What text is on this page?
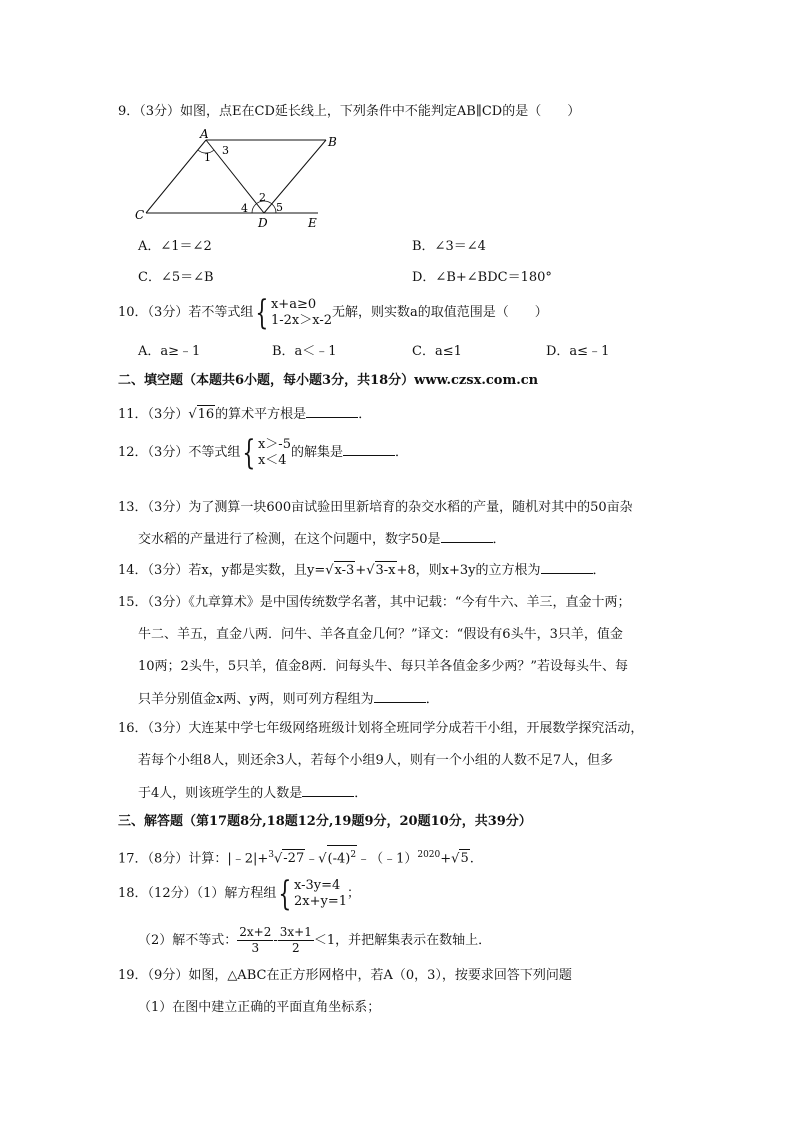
9．（3分）如图，点E在CD延长线上，下列条件中不能判定AB∥CD的是（　　）
A
B
C
D	E
1
3
2
4	5
A．∠1＝∠2	B．∠3＝∠4
C．∠5＝∠B	D．∠B+∠BDC＝180°
10．（3分）若不等式组{ x+a≥0
1-2x＞x-2 无解，则实数a的取值范围是（　　）
A．a≥﹣1	B．a＜﹣1	C．a≤1	D．a≤﹣1
二、填空题（本题共6小题，每小题3分，共18分）www.czsx.com.cn
11．（3分）√16的算术平方根是	．
12．（3分）不等式组{ x＞-5
x＜4 的解集是	．
13．（3分）为了测算一块600亩试验田里新培育的杂交水稻的产量，随机对其中的50亩杂
交水稻的产量进行了检测，在这个问题中，数字50是	．
14．（3分）若x，y都是实数，且y=√x-3+√3-x+8，则x+3y的立方根为	．
15．（3分）《九章算术》是中国传统数学名著，其中记载：“今有牛六、羊三，直金十两；
牛二、羊五，直金八两．问牛、羊各直金几何？”译文：“假设有6头牛，3只羊，值金
10两；2头牛，5只羊，值金8两．问每头牛、每只羊各值金多少两？”若设每头牛、每
只羊分别值金x两、y两，则可列方程组为	．
16．（3分）大连某中学七年级网络班级计划将全班同学分成若干小组，开展数学探究活动，
若每个小组8人，则还余3人，若每个小组9人，则有一个小组的人数不足7人，但多
于4人，则该班学生的人数是	．
三、解答题（第17题8分,18题12分,19题9分，20题10分，共39分）
17．（8分）计算：$|﹣2|+^3√-27﹣√(-4)^2﹣(﹣1)^{2020}+√5$.
18．（12分）（1）解方程组{ x-3y=4
2x+y=1 ；
（2）解不等式： $\frac{2x+2}{3} - \frac{3x+1}{2} <1$，并把解集表示在数轴上．
19．（9分）如图，△ABC在正方形网格中，若A（0，3），按要求回答下列问题
（1）在图中建立正确的平面直角坐标系；
